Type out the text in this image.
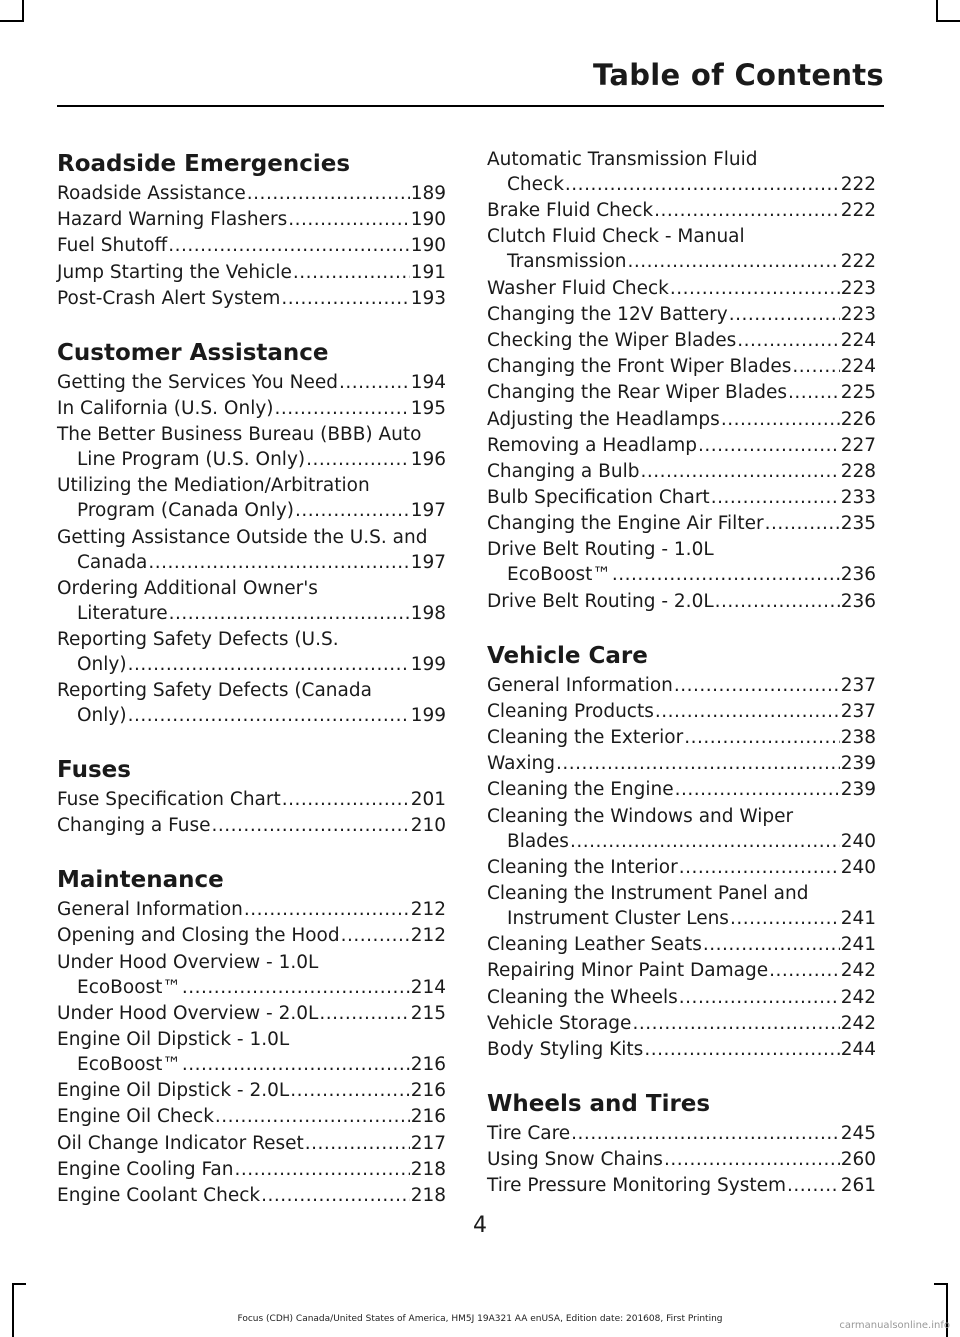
Table of Contents
Roadside Emergencies
Roadside Assistance .....	189
Hazard Warning Flashers .....	190
Fuel Shutoff .....	190
Jump Starting the Vehicle .....	191
Post-Crash Alert System .....	193
Customer Assistance
Getting the Services You Need .....	194
In California (U.S. Only) .....	195
The Better Business Bureau (BBB) Auto
Line Program (U.S. Only) .....	196
Utilizing the Mediation/Arbitration
Program (Canada Only) .....	197
Getting Assistance Outside the U.S. and
Canada .....	197
Ordering Additional Owner's
Literature .....	198
Reporting Safety Defects (U.S.
Only) .....	199
Reporting Safety Defects (Canada
Only) .....	199
Fuses
Fuse Specification Chart .....	201
Changing a Fuse .....	210
Maintenance
General Information .....	212
Opening and Closing the Hood .....	212
Under Hood Overview - 1.0L
EcoBoost™ .....	214
Under Hood Overview - 2.0L .....	215
Engine Oil Dipstick - 1.0L
EcoBoost™ .....	216
Engine Oil Dipstick - 2.0L .....	216
Engine Oil Check .....	216
Oil Change Indicator Reset .....	217
Engine Cooling Fan .....	218
Engine Coolant Check .....	218
Automatic Transmission Fluid
Check .....	222
Brake Fluid Check .....	222
Clutch Fluid Check - Manual
Transmission .....	222
Washer Fluid Check .....	223
Changing the 12V Battery .....	223
Checking the Wiper Blades .....	224
Changing the Front Wiper Blades .....	224
Changing the Rear Wiper Blades .....	225
Adjusting the Headlamps .....	226
Removing a Headlamp .....	227
Changing a Bulb .....	228
Bulb Specification Chart .....	233
Changing the Engine Air Filter .....	235
Drive Belt Routing - 1.0L
EcoBoost™ .....	236
Drive Belt Routing - 2.0L .....	236
Vehicle Care
General Information .....	237
Cleaning Products .....	237
Cleaning the Exterior .....	238
Waxing .....	239
Cleaning the Engine .....	239
Cleaning the Windows and Wiper
Blades .....	240
Cleaning the Interior .....	240
Cleaning the Instrument Panel and
Instrument Cluster Lens .....	241
Cleaning Leather Seats .....	241
Repairing Minor Paint Damage .....	242
Cleaning the Wheels .....	242
Vehicle Storage .....	242
Body Styling Kits .....	244
Wheels and Tires
Tire Care .....	245
Using Snow Chains .....	260
Tire Pressure Monitoring System .....	261
4
Focus (CDH) Canada/United States of America, HM5J 19A321 AA enUSA, Edition date: 201608, First Printing
carmanualsonline.info
